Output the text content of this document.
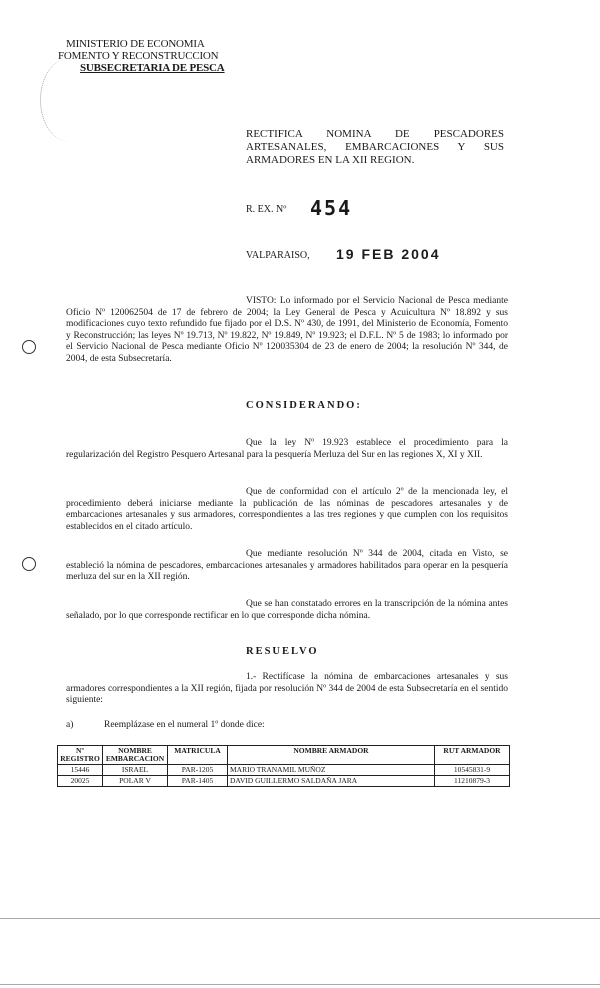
MINISTERIO DE ECONOMIA
FOMENTO Y RECONSTRUCCION
SUBSECRETARIA DE PESCA
RECTIFICA NOMINA DE PESCADORES
ARTESANALES, EMBARCACIONES Y SUS
ARMADORES EN LA XII REGION.
R. EX. Nº 454
VALPARAISO, 19 FEB 2004
VISTO: Lo informado por el Servicio Nacional de Pesca mediante Oficio Nº 120062504 de 17 de febrero de 2004; la Ley General de Pesca y Acuicultura Nº 18.892 y sus modificaciones cuyo texto refundido fue fijado por el D.S. Nº 430, de 1991, del Ministerio de Economía, Fomento y Reconstrucción; las leyes Nº 19.713, Nº 19.822, Nº 19.849, Nº 19.923; el D.F.L. Nº 5 de 1983; lo informado por el Servicio Nacional de Pesca mediante Oficio Nº 120035304 de 23 de enero de 2004; la resolución Nº 344, de 2004, de esta Subsecretaría.
CONSIDERANDO:
Que la ley Nº 19.923 establece el procedimiento para la regularización del Registro Pesquero Artesanal para la pesquería Merluza del Sur en las regiones X, XI y XII.
Que de conformidad con el artículo 2º de la mencionada ley, el procedimiento deberá iniciarse mediante la publicación de las nóminas de pescadores artesanales y de embarcaciones artesanales y sus armadores, correspondientes a las tres regiones y que cumplen con los requisitos establecidos en el citado artículo.
Que mediante resolución Nº 344 de 2004, citada en Visto, se estableció la nómina de pescadores, embarcaciones artesanales y armadores habilitados para operar en la pesquería merluza del sur en la XII región.
Que se han constatado errores en la transcripción de la nómina antes señalado, por lo que corresponde rectificar en lo que corresponde dicha nómina.
RESUELVO
1.- Rectifícase la nómina de embarcaciones artesanales y sus armadores correspondientes a la XII región, fijada por resolución Nº 344 de 2004 de esta Subsecretaría en el sentido siguiente:
a)	Reemplázase en el numeral 1º donde dice:
Nº REGISTRO	NOMBRE EMBARCACION	MATRICULA	NOMBRE ARMADOR	RUT ARMADOR
15446	ISRAEL	PAR-1205	MARIO TRANAMIL MUÑOZ	10545831-9
20025	POLAR V	PAR-1405	DAVID GUILLERMO SALDAÑA JARA	11210879-3
